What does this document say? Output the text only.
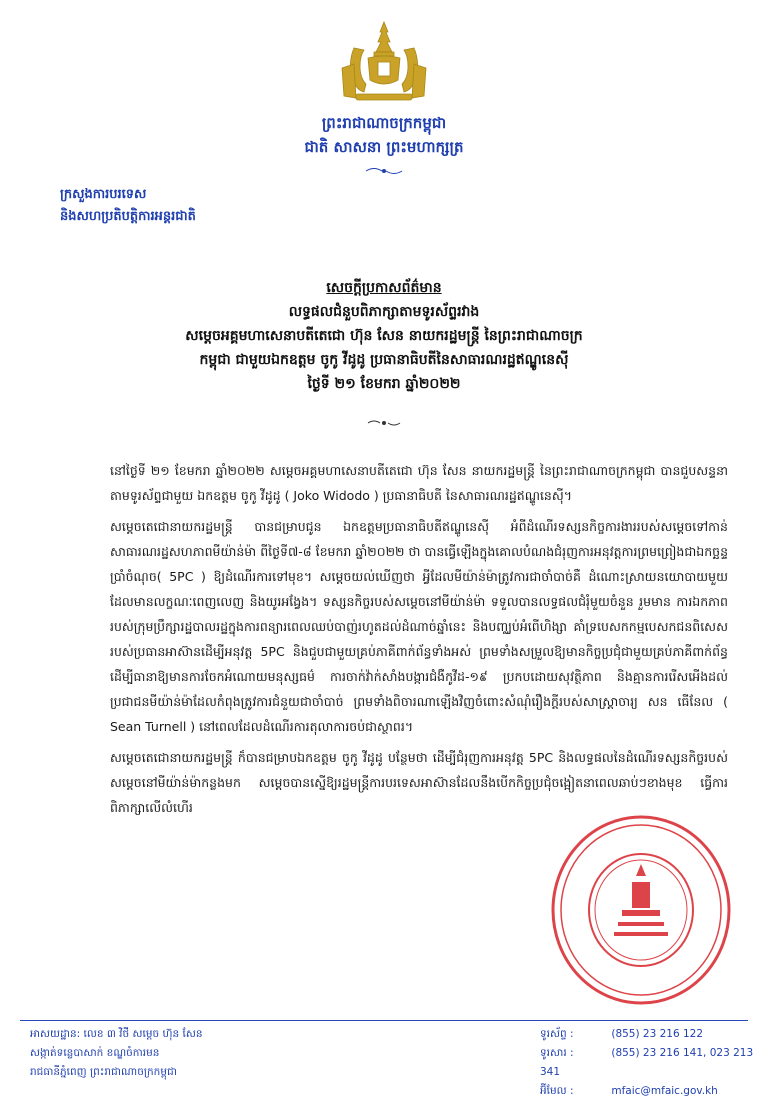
ព្រះរាជាណាចក្រកម្ពុជា
ជាតិ សាសនា ព្រះមហាក្សត្រ
ក្រសួងការបរទេស
និងសហប្រតិបត្តិការអន្តរជាតិ
សេចក្តីប្រកាសព័ត៌មាន
លទ្ធផលជំនួបពិភាក្សាតាមទូរស័ព្ទរវាង
សម្តេចអគ្គមហាសេនាបតីតេជោ ហ៊ុន សែន នាយករដ្ឋមន្ត្រី នៃព្រះរាជាណាចក្រ
កម្ពុជា ជាមួយឯកឧត្តម ចូកូ វីដូដូ ប្រធានាធិបតីនៃសាធារណរដ្ឋឥណ្ឌូនេស៊ី
ថ្ងៃទី ២១ ខែមករា ឆ្នាំ២០២២

នៅថ្ងៃទី ២១ ខែមករា ឆ្នាំ២០២២ សម្តេចអគ្គមហាសេនាបតីតេជោ ហ៊ុន សែន នាយករដ្ឋមន្ត្រី នៃព្រះរាជាណាចក្រកម្ពុជា បានជួបសន្ទនាតាមទូរស័ព្ទជាមួយ ឯកឧត្តម ចូកូ វីដូដូ ( Joko Widodo ) ប្រធានាធិបតី នៃសាធារណរដ្ឋឥណ្ឌូនេស៊ី។

សម្តេចតេជោនាយករដ្ឋមន្ត្រី បានជម្រាបជូន ឯកឧត្តមប្រធានាធិបតីឥណ្ឌូនេស៊ី អំពីដំណើរទស្សនកិច្ចការងាររបស់សម្តេចទៅកាន់សាធារណរដ្ឋសហភាពមីយ៉ាន់ម៉ា ពីថ្ងៃទី៧-៨ ខែមករា ឆ្នាំ២០២២ ថា បានធ្វើឡើងក្នុងគោលបំណងជំរុញការអនុវត្តការព្រមព្រៀងជាឯកច្ឆន្ទប្រាំចំណុច( 5PC ) ឱ្យដំណើរការទៅមុខ។ សម្តេចយល់ឃើញថា អ្វីដែលមីយ៉ាន់ម៉ាត្រូវការជាចាំបាច់គឺ ដំណោះស្រាយនយោបាយមួយដែលមានលក្ខណៈពេញលេញ និងយូរអង្វែង។ ទស្សនកិច្ចរបស់សម្តេចនៅមីយ៉ាន់ម៉ា ទទួលបានលទ្ធផលជំរុំមួយចំនួន រួមមាន ការឯកភាពរបស់ក្រុមប្រឹក្សារដ្ឋបាលរដ្ឋក្នុងការពន្យារពេលឈប់បាញ់រហូតដល់ដំណាច់ឆ្នាំនេះ និងបញ្ឈប់អំពើហិង្សា គាំទ្របេសកកម្មបេសកជនពិសេសរបស់ប្រធានអាស៊ានដើម្បីអនុវត្ត 5PC និងជួបជាមួយគ្រប់ភាគីពាក់ព័ន្ធទាំងអស់ ព្រមទាំងសម្រួលឱ្យមានកិច្ចប្រជុំជាមួយគ្រប់ភាគីពាក់ព័ន្ធដើម្បីធានាឱ្យមានការចែកអំណោយមនុស្សធម៌ ការចាក់វ៉ាក់សាំងបង្ការជំងឺកូវីដ-១៩ ប្រកបដោយសុវត្ថិភាព និងគ្មានការរើសអើងដល់ប្រជាជនមីយ៉ាន់ម៉ាដែលកំពុងត្រូវការជំនួយជាចាំបាច់ ព្រមទាំងពិចារណាឡើងវិញចំពោះសំណុំរឿងក្តីរបស់សាស្ត្រាចារ្យ សន ធើនែល ( Sean Turnell ) នៅពេលដែលដំណើរការតុលាការចប់ជាស្ថាពរ។

សម្តេចតេជោនាយករដ្ឋមន្ត្រី ក៏បានជម្រាបឯកឧត្តម ចូកូ វីដូដូ បន្ថែមថា ដើម្បីជំរុញការអនុវត្ត 5PC និងលទ្ធផលនៃដំណើរទស្សនកិច្ចរបស់សម្តេចនៅមីយ៉ាន់ម៉ាកន្លងមក សម្តេចបានស្នើឱ្យរដ្ឋមន្ត្រីការបរទេសអាស៊ានដែលនឹងបើកកិច្ចប្រជុំចង្អៀតនាពេលឆាប់ៗខាងមុខ ធ្វើការពិភាក្សាលើលំហើរ

អាសយដ្ឋាន: លេខ ៣ វិថី សម្តេច ហ៊ុន សែន
សង្កាត់ទន្លេបាសាក់ ខណ្ឌចំការមន
រាជធានីភ្នំពេញ ព្រះរាជាណាចក្រកម្ពុជា
ទូរស័ព្ទ :	(855) 23 216 122
ទូរសារ :	(855) 23 216 141, 023 213 341
អ៊ីមែល :	mfaic@mfaic.gov.kh
